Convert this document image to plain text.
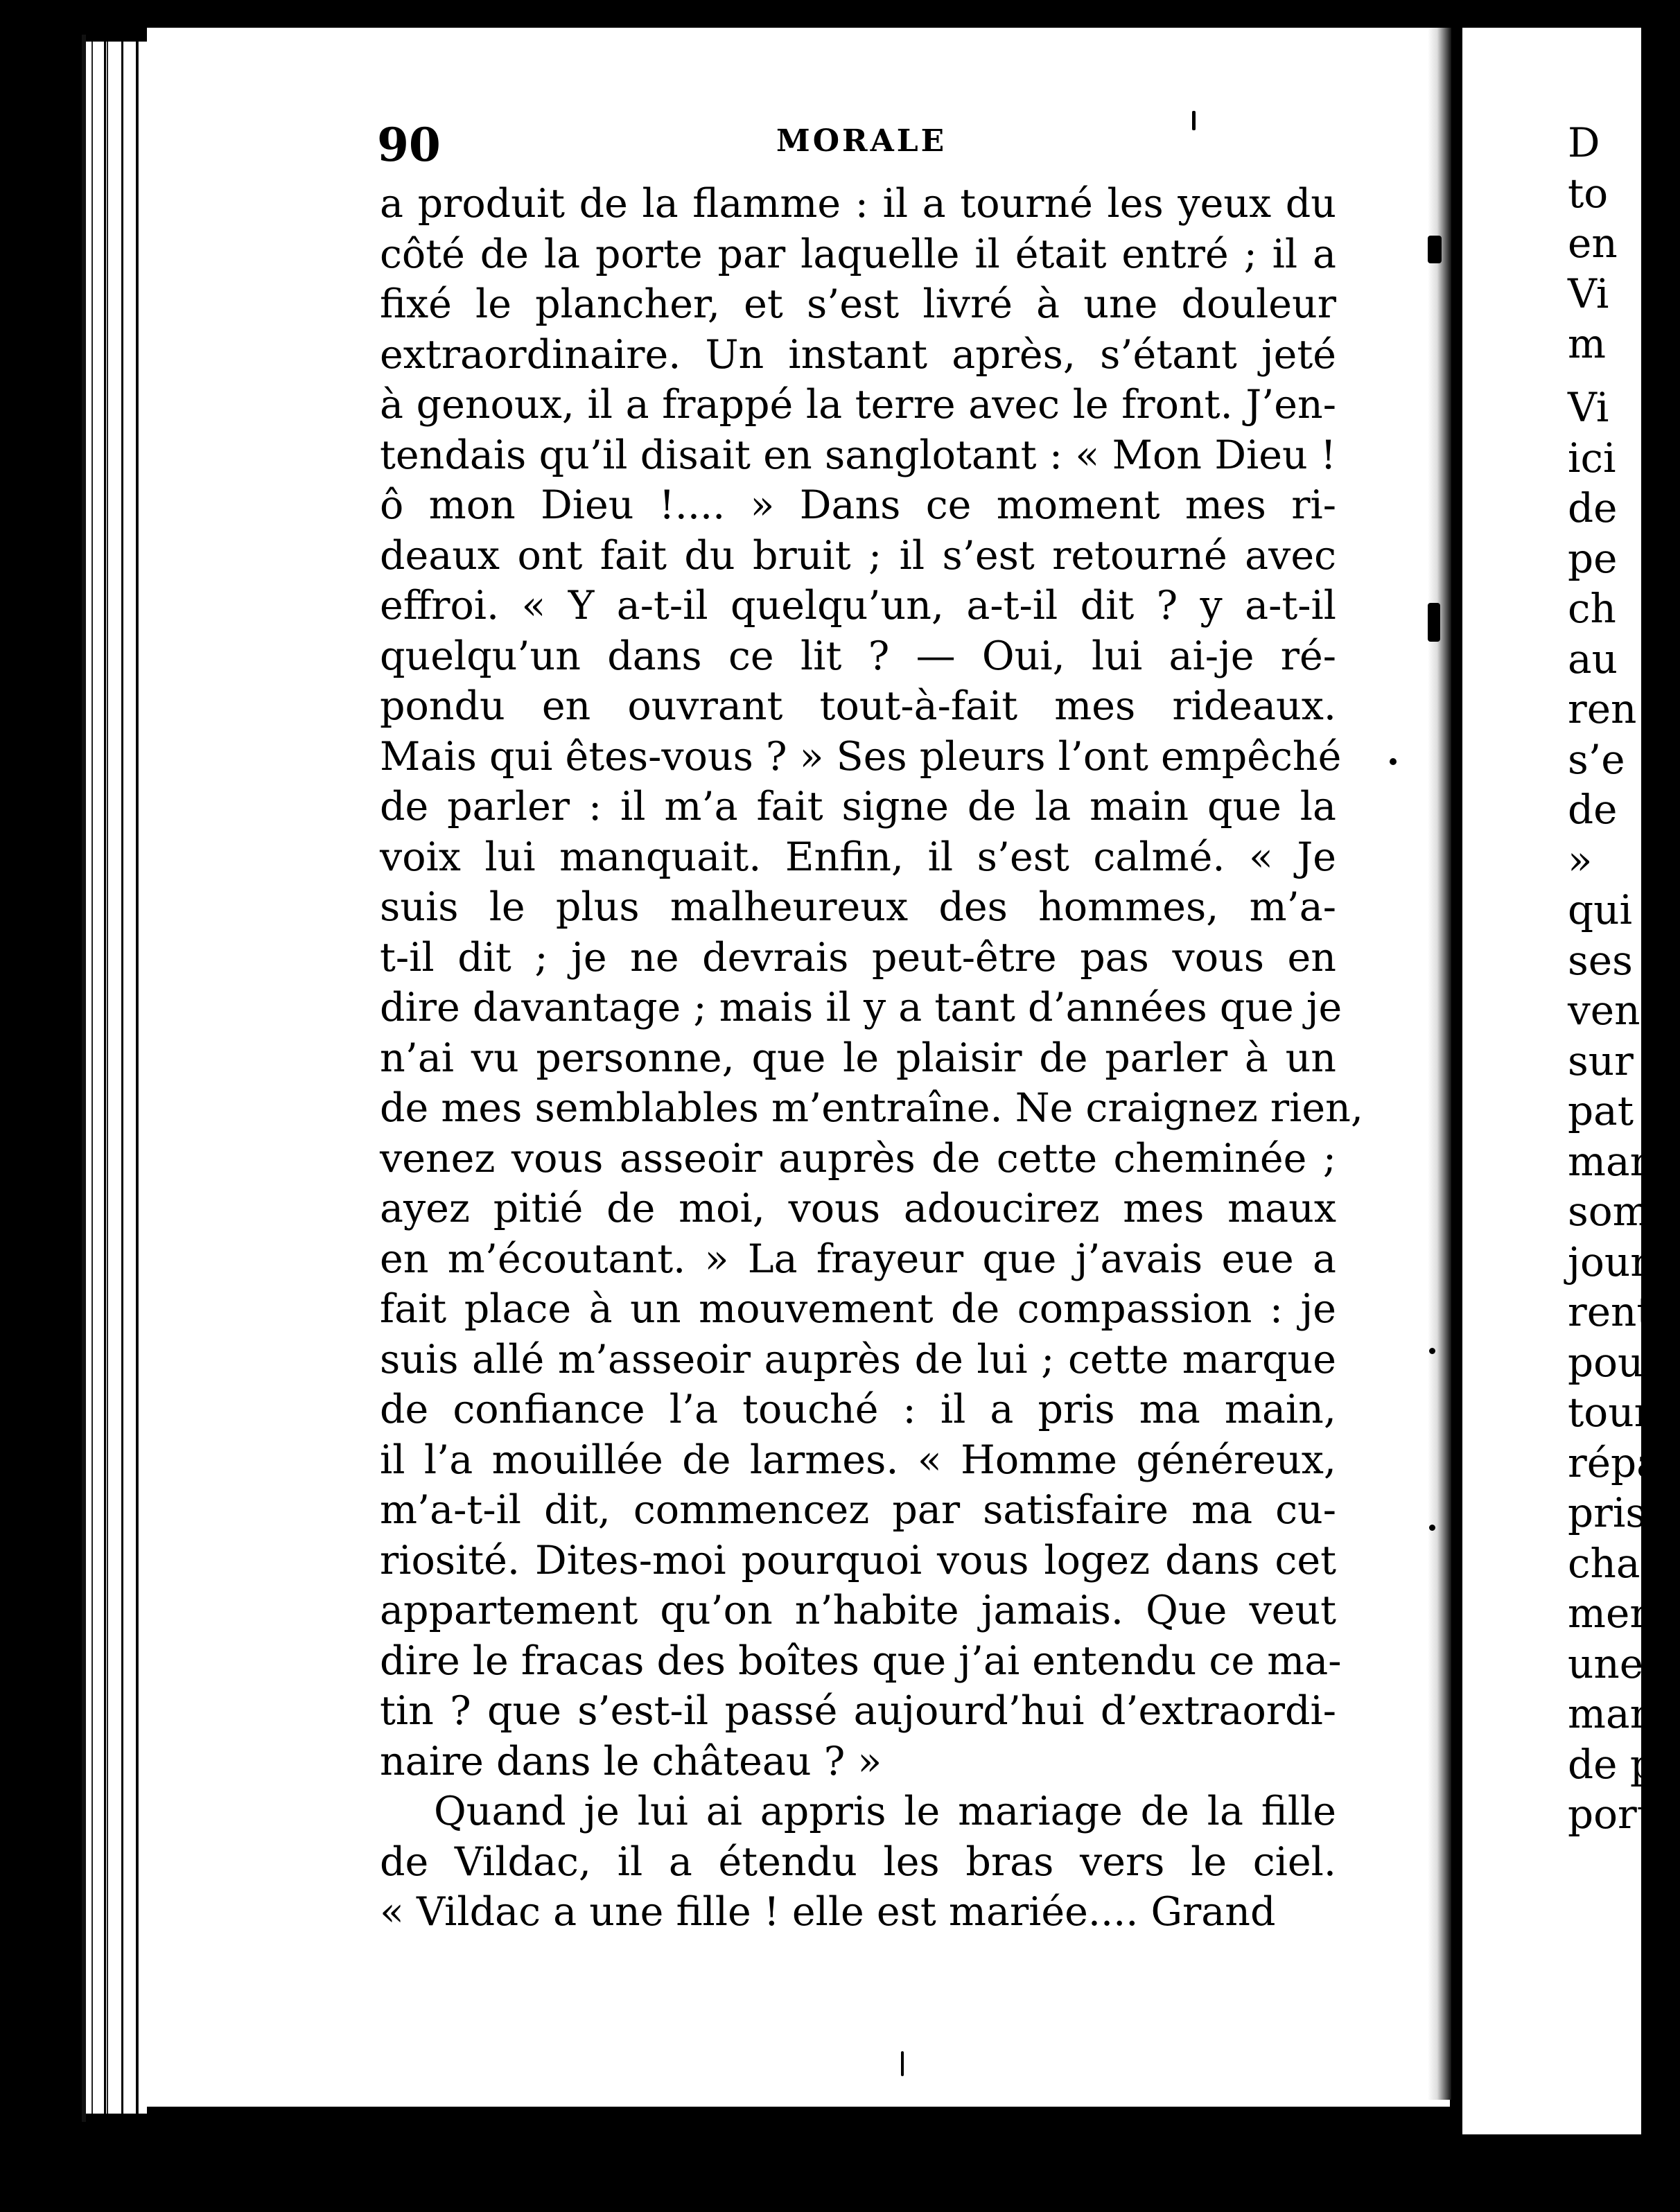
D
to
en
Vi
m
Vi
ici
de
pe
ch
au
ren
s’e
de
»
qui
ses
ven
sur
pat
mar
som
jour
rent
pou
tour
répa
pris
char
men
une
man
de pa
porte
90	MORALE
a produit de la flamme : il a tourné les yeux du
côté de la porte par laquelle il était entré ; il a
fixé le plancher, et s’est livré à une douleur
extraordinaire. Un instant après, s’étant jeté
à genoux, il a frappé la terre avec le front. J’en-
tendais qu’il disait en sanglotant : « Mon Dieu !
ô mon Dieu !.... » Dans ce moment mes ri-
deaux ont fait du bruit ; il s’est retourné avec
effroi. « Y a-t-il quelqu’un, a-t-il dit ? y a-t-il
quelqu’un dans ce lit ? — Oui, lui ai-je ré-
pondu en ouvrant tout-à-fait mes rideaux.
Mais qui êtes-vous ? » Ses pleurs l’ont empêché
de parler : il m’a fait signe de la main que la
voix lui manquait. Enfin, il s’est calmé. « Je
suis le plus malheureux des hommes, m’a-
t-il dit ; je ne devrais peut-être pas vous en
dire davantage ; mais il y a tant d’années que je
n’ai vu personne, que le plaisir de parler à un
de mes semblables m’entraîne. Ne craignez rien,
venez vous asseoir auprès de cette cheminée ;
ayez pitié de moi, vous adoucirez mes maux
en m’écoutant. » La frayeur que j’avais eue a
fait place à un mouvement de compassion : je
suis allé m’asseoir auprès de lui ; cette marque
de confiance l’a touché : il a pris ma main,
il l’a mouillée de larmes. « Homme généreux,
m’a-t-il dit, commencez par satisfaire ma cu-
riosité. Dites-moi pourquoi vous logez dans cet
appartement qu’on n’habite jamais. Que veut
dire le fracas des boîtes que j’ai entendu ce ma-
tin ? que s’est-il passé aujourd’hui d’extraordi-
naire dans le château ? »
Quand je lui ai appris le mariage de la fille
de Vildac, il a étendu les bras vers le ciel.
« Vildac a une fille ! elle est mariée.... Grand
